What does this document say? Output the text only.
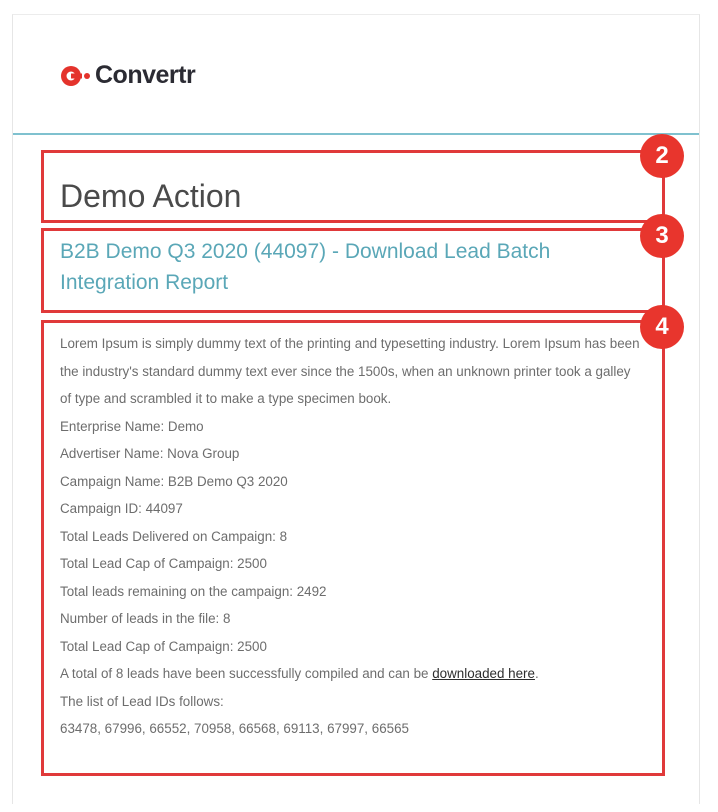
Convertr
Demo Action
B2B Demo Q3 2020 (44097) - Download Lead Batch Integration Report

Lorem Ipsum is simply dummy text of the printing and typesetting industry. Lorem Ipsum has been the industry's standard dummy text ever since the 1500s, when an unknown printer took a galley of type and scrambled it to make a type specimen book.

Enterprise Name: Demo

Advertiser Name: Nova Group

Campaign Name: B2B Demo Q3 2020

Campaign ID: 44097

Total Leads Delivered on Campaign: 8

Total Lead Cap of Campaign: 2500

Total leads remaining on the campaign: 2492

Number of leads in the file: 8

Total Lead Cap of Campaign: 2500

A total of 8 leads have been successfully compiled and can be downloaded here.

The list of Lead IDs follows:

63478, 67996, 66552, 70958, 66568, 69113, 67997, 66565

2
3
4
